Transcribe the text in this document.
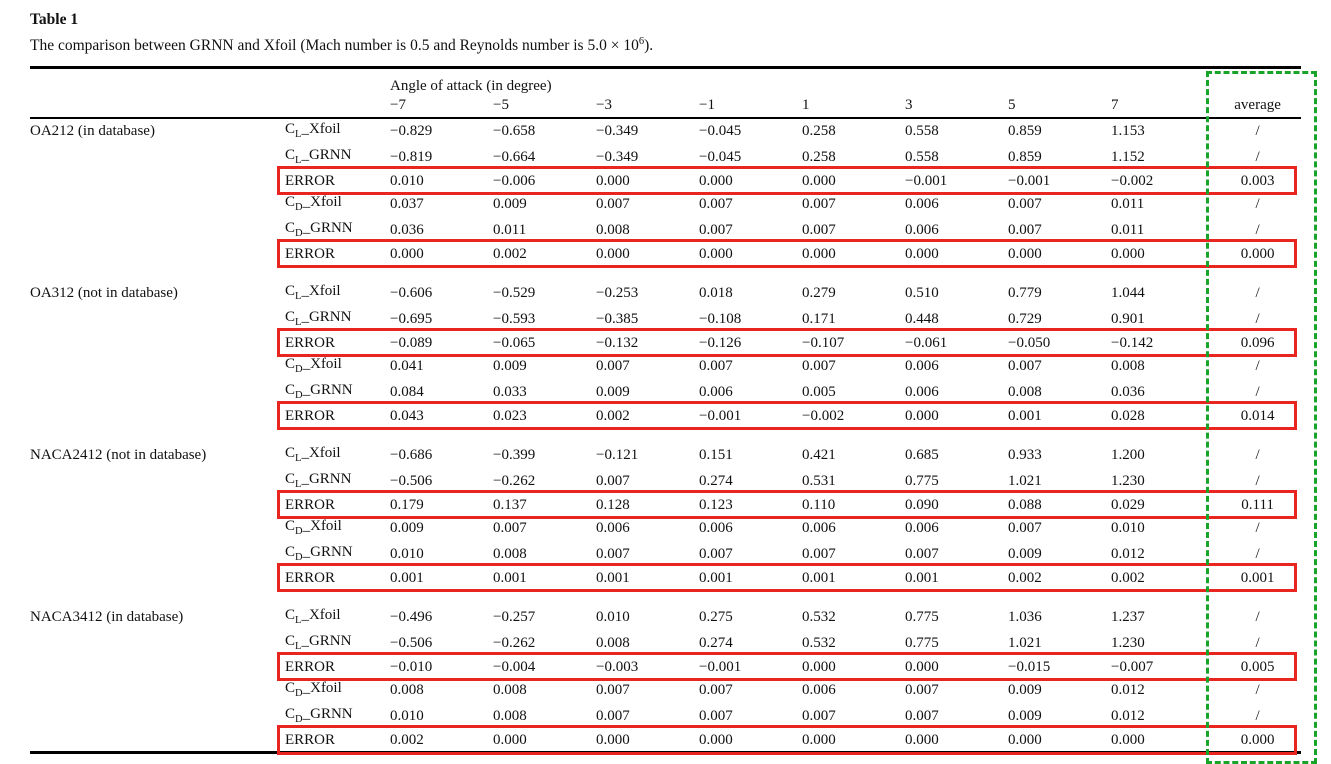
Table 1
The comparison between GRNN and Xfoil (Mach number is 0.5 and Reynolds number is $5.0 \times 10^6$).
		Angle of attack (in degree)								
		−7	−5	−3	−1	1	3	5	7	average
OA212 (in database)	$C_L\_Xfoil$	−0.829	−0.658	−0.349	−0.045	0.258	0.558	0.859	1.153	/
	$C_L\_GRNN$	−0.819	−0.664	−0.349	−0.045	0.258	0.558	0.859	1.152	/
	ERROR	0.010	−0.006	0.000	0.000	0.000	−0.001	−0.001	−0.002	0.003
	$C_D\_Xfoil$	0.037	0.009	0.007	0.007	0.007	0.006	0.007	0.011	/
	$C_D\_GRNN$	0.036	0.011	0.008	0.007	0.007	0.006	0.007	0.011	/
	ERROR	0.000	0.002	0.000	0.000	0.000	0.000	0.000	0.000	0.000

OA312 (not in database)	$C_L\_Xfoil$	−0.606	−0.529	−0.253	0.018	0.279	0.510	0.779	1.044	/
	$C_L\_GRNN$	−0.695	−0.593	−0.385	−0.108	0.171	0.448	0.729	0.901	/
	ERROR	−0.089	−0.065	−0.132	−0.126	−0.107	−0.061	−0.050	−0.142	0.096
	$C_D\_Xfoil$	0.041	0.009	0.007	0.007	0.007	0.006	0.007	0.008	/
	$C_D\_GRNN$	0.084	0.033	0.009	0.006	0.005	0.006	0.008	0.036	/
	ERROR	0.043	0.023	0.002	−0.001	−0.002	0.000	0.001	0.028	0.014

NACA2412 (not in database)	$C_L\_Xfoil$	−0.686	−0.399	−0.121	0.151	0.421	0.685	0.933	1.200	/
	$C_L\_GRNN$	−0.506	−0.262	0.007	0.274	0.531	0.775	1.021	1.230	/
	ERROR	0.179	0.137	0.128	0.123	0.110	0.090	0.088	0.029	0.111
	$C_D\_Xfoil$	0.009	0.007	0.006	0.006	0.006	0.006	0.007	0.010	/
	$C_D\_GRNN$	0.010	0.008	0.007	0.007	0.007	0.007	0.009	0.012	/
	ERROR	0.001	0.001	0.001	0.001	0.001	0.001	0.002	0.002	0.001

NACA3412 (in database)	$C_L\_Xfoil$	−0.496	−0.257	0.010	0.275	0.532	0.775	1.036	1.237	/
	$C_L\_GRNN$	−0.506	−0.262	0.008	0.274	0.532	0.775	1.021	1.230	/
	ERROR	−0.010	−0.004	−0.003	−0.001	0.000	0.000	−0.015	−0.007	0.005
	$C_D\_Xfoil$	0.008	0.008	0.007	0.007	0.006	0.007	0.009	0.012	/
	$C_D\_GRNN$	0.010	0.008	0.007	0.007	0.007	0.007	0.009	0.012	/
	ERROR	0.002	0.000	0.000	0.000	0.000	0.000	0.000	0.000	0.000
